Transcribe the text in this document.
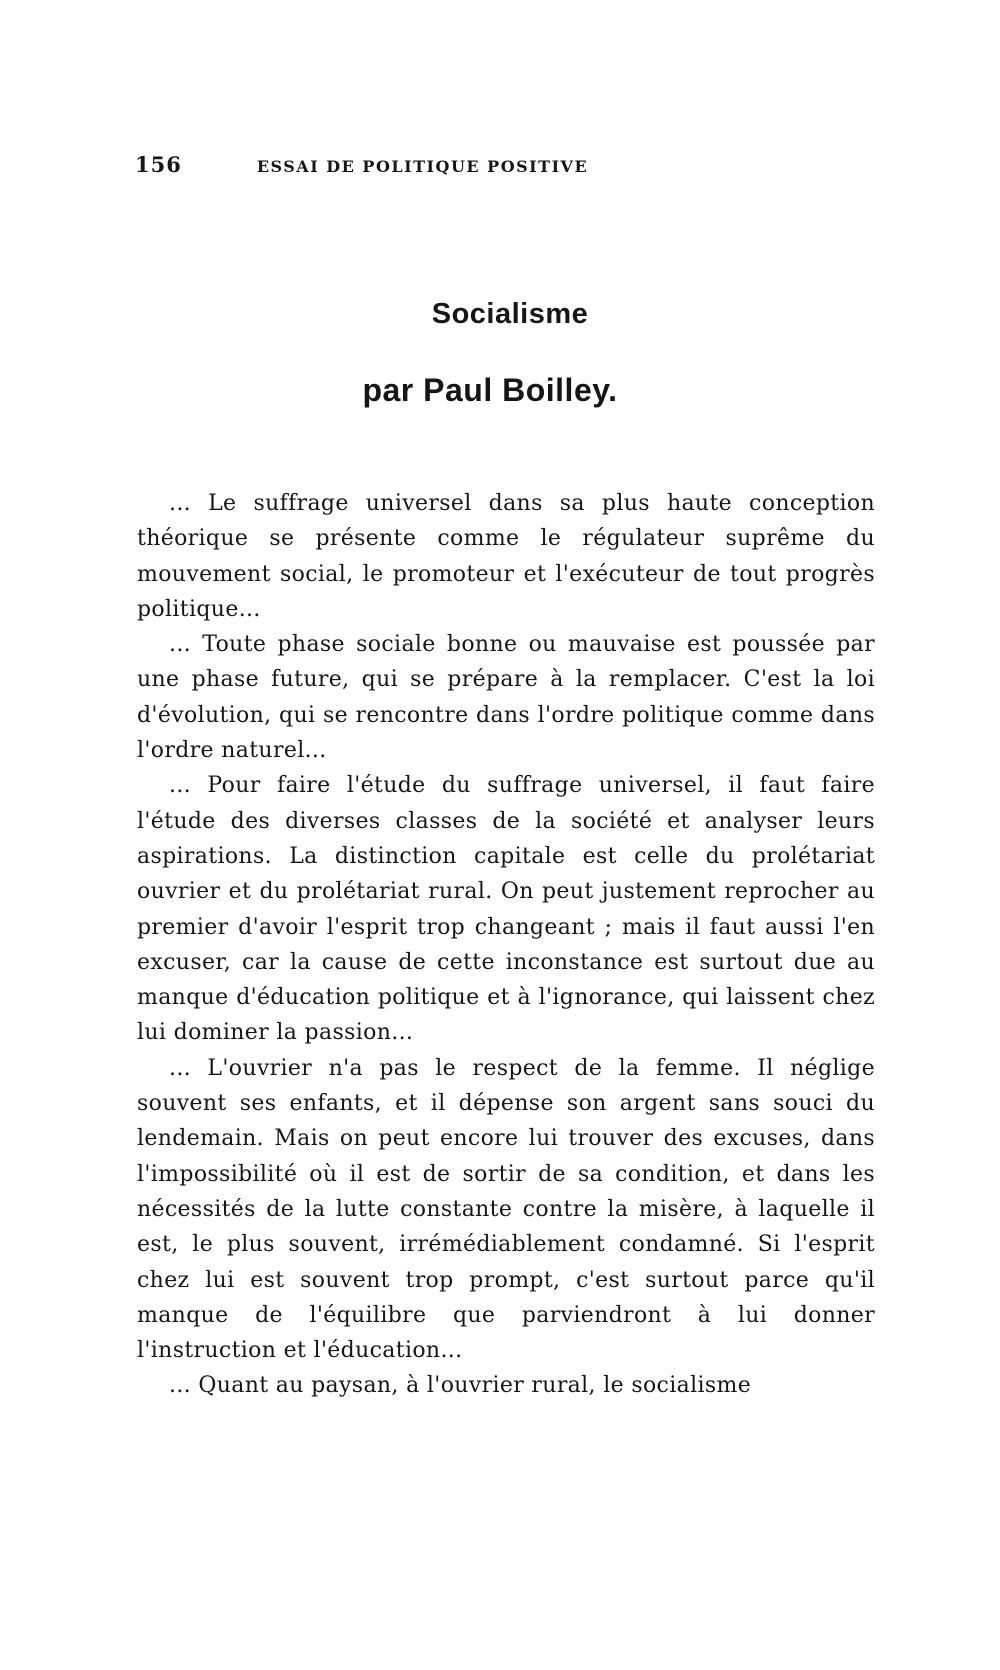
156	ESSAI DE POLITIQUE POSITIVE
Socialisme
par Paul Boilley.

... Le suffrage universel dans sa plus haute conception théorique se présente comme le régulateur suprême du mouvement social, le promoteur et l'exécuteur de tout progrès politique...

... Toute phase sociale bonne ou mauvaise est poussée par une phase future, qui se prépare à la remplacer. C'est la loi d'évolution, qui se rencontre dans l'ordre politique comme dans l'ordre naturel...

... Pour faire l'étude du suffrage universel, il faut faire l'étude des diverses classes de la société et analyser leurs aspirations. La distinction capitale est celle du prolétariat ouvrier et du prolétariat rural. On peut justement reprocher au premier d'avoir l'esprit trop changeant ; mais il faut aussi l'en excuser, car la cause de cette inconstance est surtout due au manque d'éducation politique et à l'ignorance, qui laissent chez lui dominer la passion...

... L'ouvrier n'a pas le respect de la femme. Il néglige souvent ses enfants, et il dépense son argent sans souci du lendemain. Mais on peut encore lui trouver des excuses, dans l'impossibilité où il est de sortir de sa condition, et dans les nécessités de la lutte constante contre la misère, à laquelle il est, le plus souvent, irrémédiablement condamné. Si l'esprit chez lui est souvent trop prompt, c'est surtout parce qu'il manque de l'équilibre que parviendront à lui donner l'instruction et l'éducation...

... Quant au paysan, à l'ouvrier rural, le socialisme
